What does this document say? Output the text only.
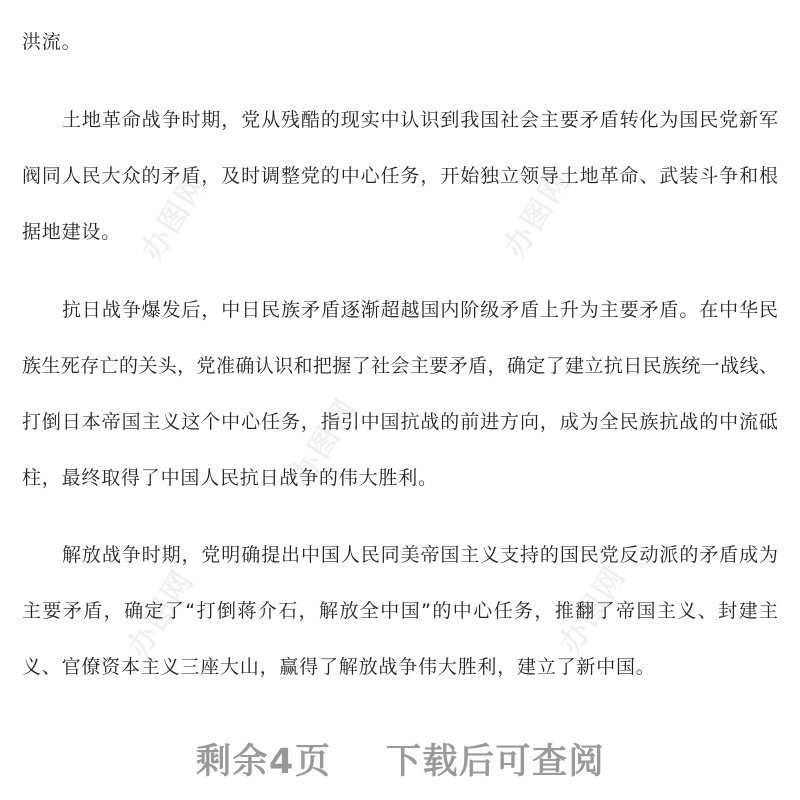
办图网	办图网
办图网
办图网
办图网
洪流。
土地革命战争时期，党从残酷的现实中认识到我国社会主要矛盾转化为国民党新军
阀同人民大众的矛盾，及时调整党的中心任务，开始独立领导土地革命、武装斗争和根
据地建设。
抗日战争爆发后，中日民族矛盾逐渐超越国内阶级矛盾上升为主要矛盾。在中华民
族生死存亡的关头，党准确认识和把握了社会主要矛盾，确定了建立抗日民族统一战线、
打倒日本帝国主义这个中心任务，指引中国抗战的前进方向，成为全民族抗战的中流砥
柱，最终取得了中国人民抗日战争的伟大胜利。
解放战争时期，党明确提出中国人民同美帝国主义支持的国民党反动派的矛盾成为
主要矛盾，确定了“打倒蒋介石，解放全中国”的中心任务，推翻了帝国主义、封建主
义、官僚资本主义三座大山，赢得了解放战争伟大胜利，建立了新中国。
剩余4页 下载后可查阅
